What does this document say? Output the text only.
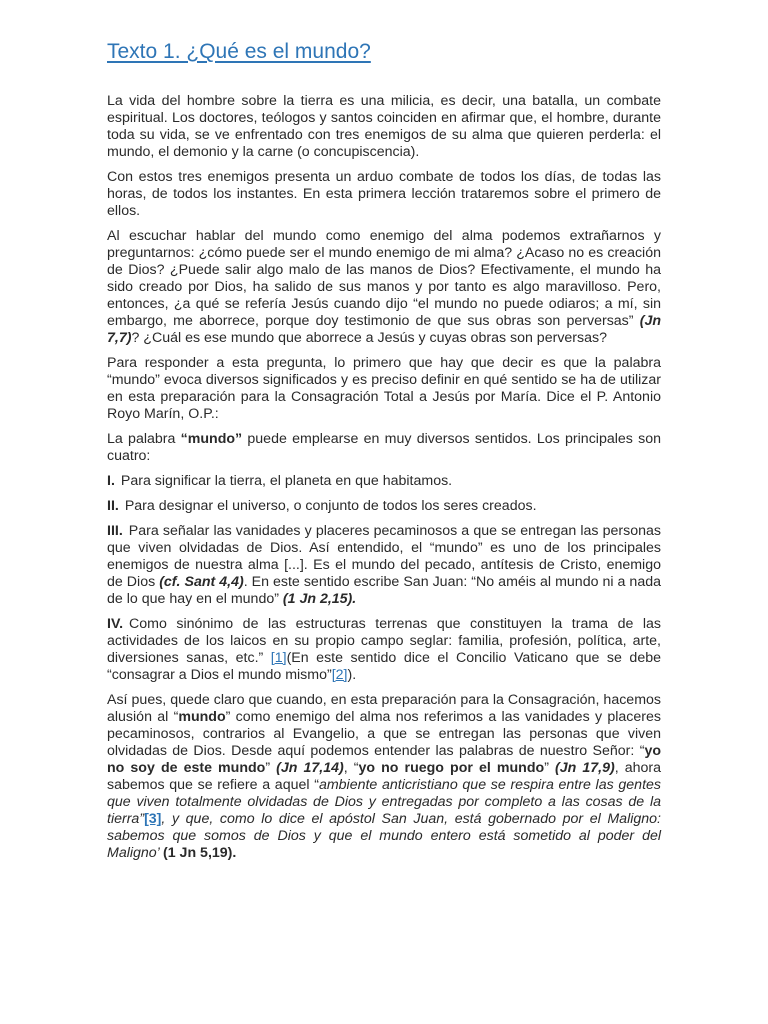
Texto 1. ¿Qué es el mundo?

La vida del hombre sobre la tierra es una milicia, es decir, una batalla, un combate espiritual. Los doctores, teólogos y santos coinciden en afirmar que, el hombre, durante toda su vida, se ve enfrentado con tres enemigos de su alma que quieren perderla: el mundo, el demonio y la carne (o concupiscencia).

Con estos tres enemigos presenta un arduo combate de todos los días, de todas las horas, de todos los instantes. En esta primera lección trataremos sobre el primero de ellos.

Al escuchar hablar del mundo como enemigo del alma podemos extrañarnos y preguntarnos: ¿cómo puede ser el mundo enemigo de mi alma? ¿Acaso no es creación de Dios? ¿Puede salir algo malo de las manos de Dios? Efectivamente, el mundo ha sido creado por Dios, ha salido de sus manos y por tanto es algo maravilloso. Pero, entonces, ¿a qué se refería Jesús cuando dijo “el mundo no puede odiaros; a mí, sin embargo, me aborrece, porque doy testimonio de que sus obras son perversas” (Jn 7,7)? ¿Cuál es ese mundo que aborrece a Jesús y cuyas obras son perversas?

Para responder a esta pregunta, lo primero que hay que decir es que la palabra “mundo” evoca diversos significados y es preciso definir en qué sentido se ha de utilizar en esta preparación para la Consagración Total a Jesús por María. Dice el P. Antonio Royo Marín, O.P.:

La palabra “mundo” puede emplearse en muy diversos sentidos. Los principales son cuatro:

I. Para significar la tierra, el planeta en que habitamos.

II. Para designar el universo, o conjunto de todos los seres creados.

III. Para señalar las vanidades y placeres pecaminosos a que se entregan las personas que viven olvidadas de Dios. Así entendido, el “mundo” es uno de los principales enemigos de nuestra alma [...]. Es el mundo del pecado, antítesis de Cristo, enemigo de Dios (cf. Sant 4,4). En este sentido escribe San Juan: “No améis al mundo ni a nada de lo que hay en el mundo” (1 Jn 2,15).

IV. Como sinónimo de las estructuras terrenas que constituyen la trama de las actividades de los laicos en su propio campo seglar: familia, profesión, política, arte, diversiones sanas, etc.” [1](En este sentido dice el Concilio Vaticano que se debe “consagrar a Dios el mundo mismo”[2]).

Así pues, quede claro que cuando, en esta preparación para la Consagración, hacemos alusión al “mundo” como enemigo del alma nos referimos a las vanidades y placeres pecaminosos, contrarios al Evangelio, a que se entregan las personas que viven olvidadas de Dios. Desde aquí podemos entender las palabras de nuestro Señor: “yo no soy de este mundo” (Jn 17,14), “yo no ruego por el mundo” (Jn 17,9), ahora sabemos que se refiere a aquel “ambiente anticristiano que se respira entre las gentes que viven totalmente olvidadas de Dios y entregadas por completo a las cosas de la tierra”[3], y que, como lo dice el apóstol San Juan, está gobernado por el Maligno: sabemos que somos de Dios y que el mundo entero está sometido al poder del Maligno’ (1 Jn 5,19).
